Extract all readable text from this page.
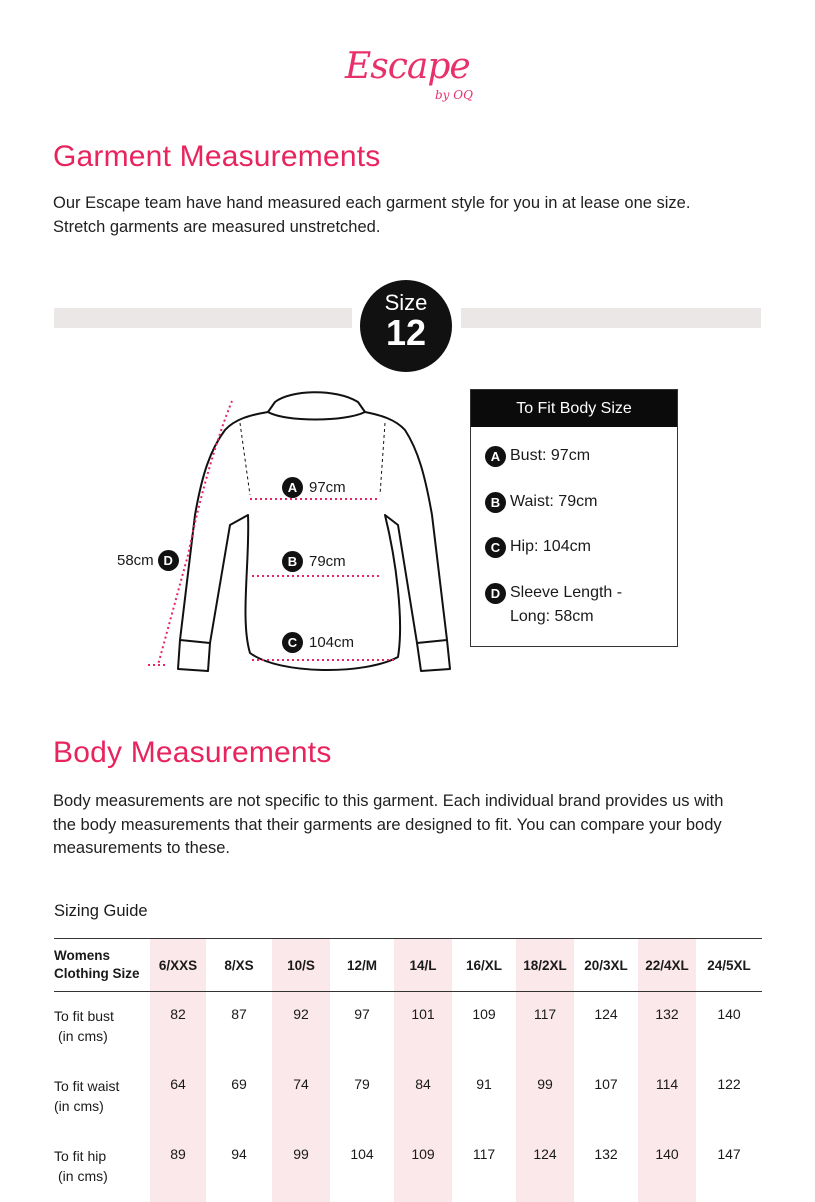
Escape
by OQ
Garment Measurements
Our Escape team have hand measured each garment style for you in at lease one size.
Stretch garments are measured unstretched.
Size
12
A 97cm
B 79cm
C 104cm
58cm D
To Fit Body Size
A Bust: 97cm
B Waist: 79cm
C Hip: 104cm
D Sleeve Length -
Long: 58cm
Body Measurements
Body measurements are not specific to this garment. Each individual brand provides us with
the body measurements that their garments are designed to fit. You can compare your body
measurements to these.
Sizing Guide
Womens
Clothing Size	6/XXS	8/XS	10/S	12/M	14/L	16/XL	18/2XL	20/3XL	22/4XL	24/5XL
To fit bust
(in cms)	82	87	92	97	101	109	117	124	132	140
To fit waist
(in cms)	64	69	74	79	84	91	99	107	114	122
To fit hip
(in cms)	89	94	99	104	109	117	124	132	140	147
